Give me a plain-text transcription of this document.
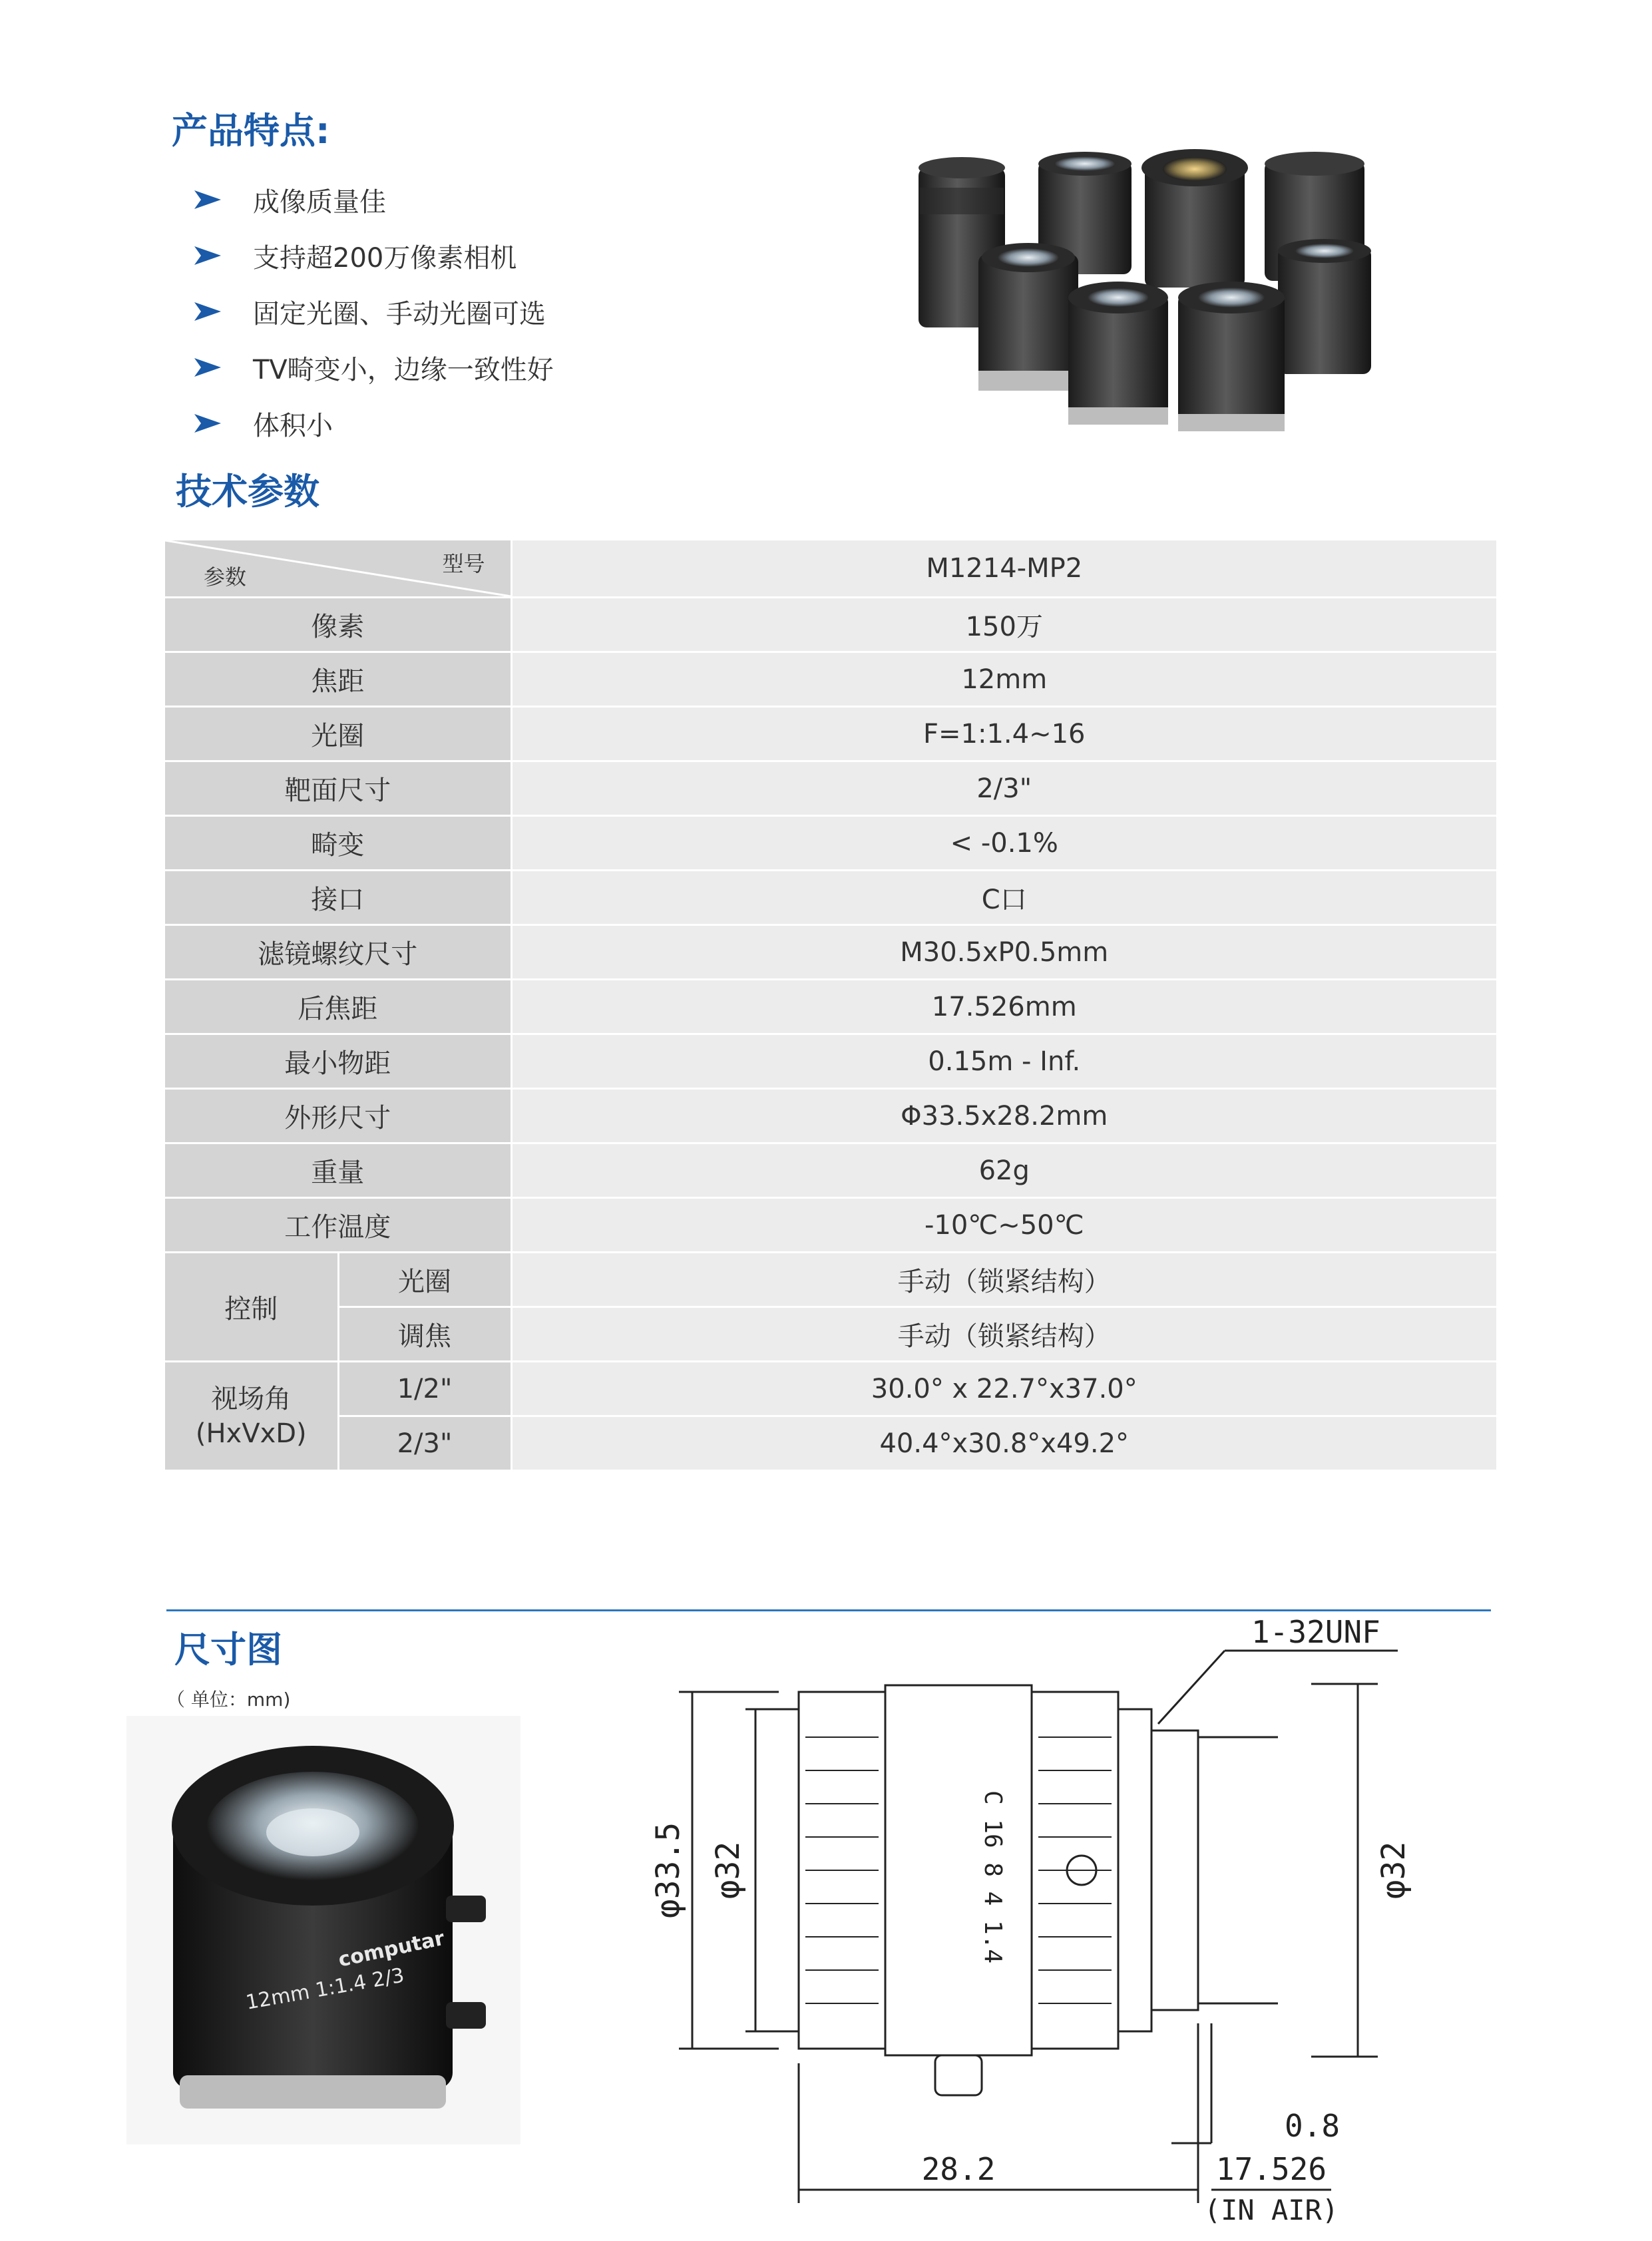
产品特点:
成像质量佳
支持超200万像素相机
固定光圈、手动光圈可选
TV畸变小，边缘一致性好
体积小
技术参数
型号
参数		M1214-MP2
像素		150万
焦距		12mm
光圈		F=1:1.4~16
靶面尺寸		2/3"
畸变		< -0.1%
接口		C口
滤镜螺纹尺寸		M30.5xP0.5mm
后焦距		17.526mm
最小物距		0.15m - Inf.
外形尺寸		Φ33.5x28.2mm
重量		62g
工作温度		-10℃~50℃
控制	光圈	手动（锁紧结构）
	调焦	手动（锁紧结构）
视场角
(HxVxD)	1/2"	30.0° x 22.7°x37.0°
	2/3"	40.4°x30.8°x49.2°
尺寸图
（ 单位：mm)
12mm 1:1.4 2/3
computar
1-32UNF
φ33.5 φ32	φ32
C 16 8 4 1.4
0.8
28.2	17.526
(IN AIR)
